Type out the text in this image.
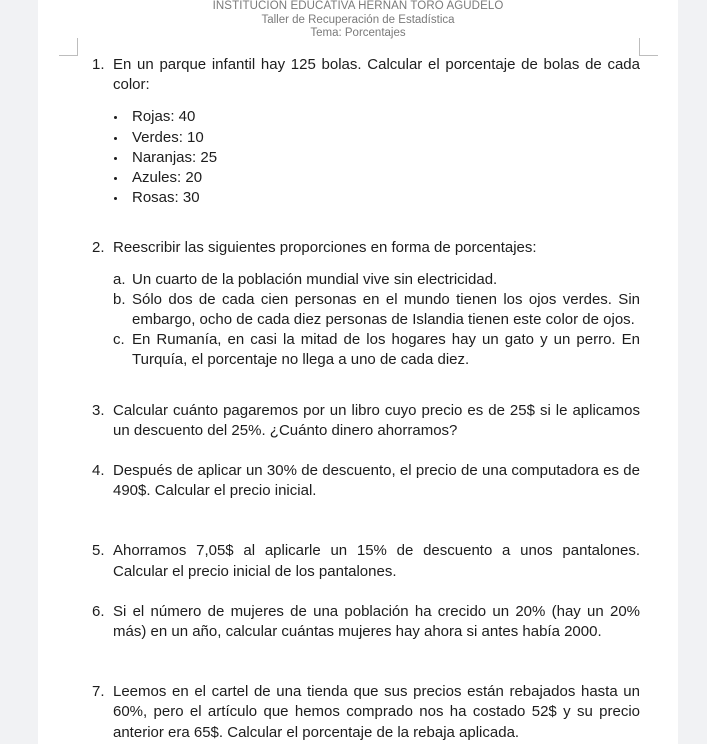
INSTITUCIÓN EDUCATIVA HERNÁN TORO AGUDELO
Taller de Recuperación de Estadística
Tema: Porcentajes
1. En un parque infantil hay 125 bolas. Calcular el porcentaje de bolas de cada color:
Rojas: 40
Verdes: 10
Naranjas: 25
Azules: 20
Rosas: 30
2. Reescribir las siguientes proporciones en forma de porcentajes:
a. Un cuarto de la población mundial vive sin electricidad.
b. Sólo dos de cada cien personas en el mundo tienen los ojos verdes. Sin embargo, ocho de cada diez personas de Islandia tienen este color de ojos.
c. En Rumanía, en casi la mitad de los hogares hay un gato y un perro. En Turquía, el porcentaje no llega a uno de cada diez.
3. Calcular cuánto pagaremos por un libro cuyo precio es de 25$ si le aplicamos un descuento del 25%. ¿Cuánto dinero ahorramos?
4. Después de aplicar un 30% de descuento, el precio de una computadora es de 490$. Calcular el precio inicial.
5. Ahorramos 7,05$ al aplicarle un 15% de descuento a unos pantalones. Calcular el precio inicial de los pantalones.
6. Si el número de mujeres de una población ha crecido un 20% (hay un 20% más) en un año, calcular cuántas mujeres hay ahora si antes había 2000.
7. Leemos en el cartel de una tienda que sus precios están rebajados hasta un 60%, pero el artículo que hemos comprado nos ha costado 52$ y su precio anterior era 65$. Calcular el porcentaje de la rebaja aplicada.
